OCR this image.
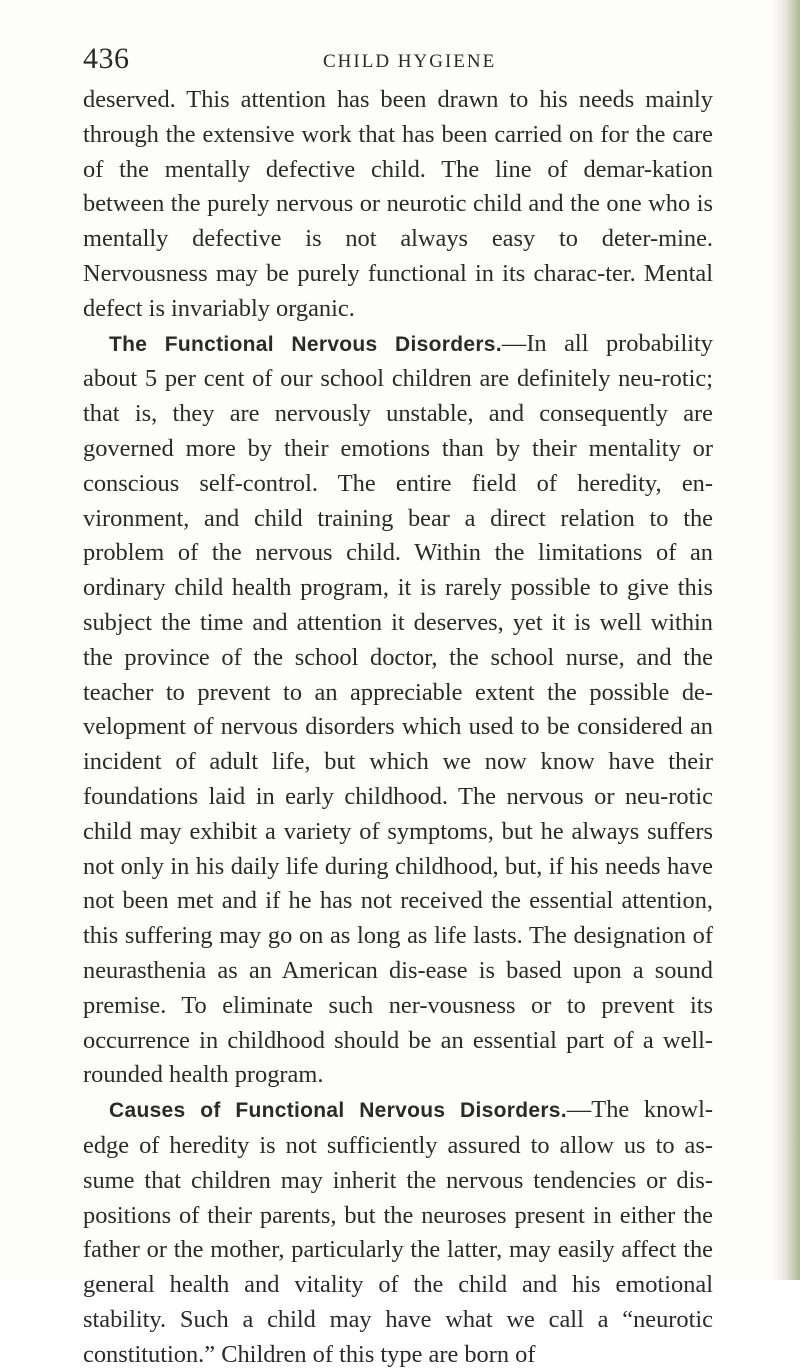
436	CHILD HYGIENE

deserved. This attention has been drawn to his needs mainly through the extensive work that has been carried on for the care of the mentally defective child. The line of demar-kation between the purely nervous or neurotic child and the one who is mentally defective is not always easy to deter-mine. Nervousness may be purely functional in its charac-ter. Mental defect is invariably organic.

The Functional Nervous Disorders.—In all probability about 5 per cent of our school children are definitely neu-rotic; that is, they are nervously unstable, and consequently are governed more by their emotions than by their mentality or conscious self-control. The entire field of heredity, en-vironment, and child training bear a direct relation to the problem of the nervous child. Within the limitations of an ordinary child health program, it is rarely possible to give this subject the time and attention it deserves, yet it is well within the province of the school doctor, the school nurse, and the teacher to prevent to an appreciable extent the possible de-velopment of nervous disorders which used to be considered an incident of adult life, but which we now know have their foundations laid in early childhood. The nervous or neu-rotic child may exhibit a variety of symptoms, but he always suffers not only in his daily life during childhood, but, if his needs have not been met and if he has not received the essential attention, this suffering may go on as long as life lasts. The designation of neurasthenia as an American dis-ease is based upon a sound premise. To eliminate such ner-vousness or to prevent its occurrence in childhood should be an essential part of a well-rounded health program.

Causes of Functional Nervous Disorders.—The knowl-edge of heredity is not sufficiently assured to allow us to as-sume that children may inherit the nervous tendencies or dis-positions of their parents, but the neuroses present in either the father or the mother, particularly the latter, may easily affect the general health and vitality of the child and his emotional stability. Such a child may have what we call a “neurotic constitution.” Children of this type are born of
